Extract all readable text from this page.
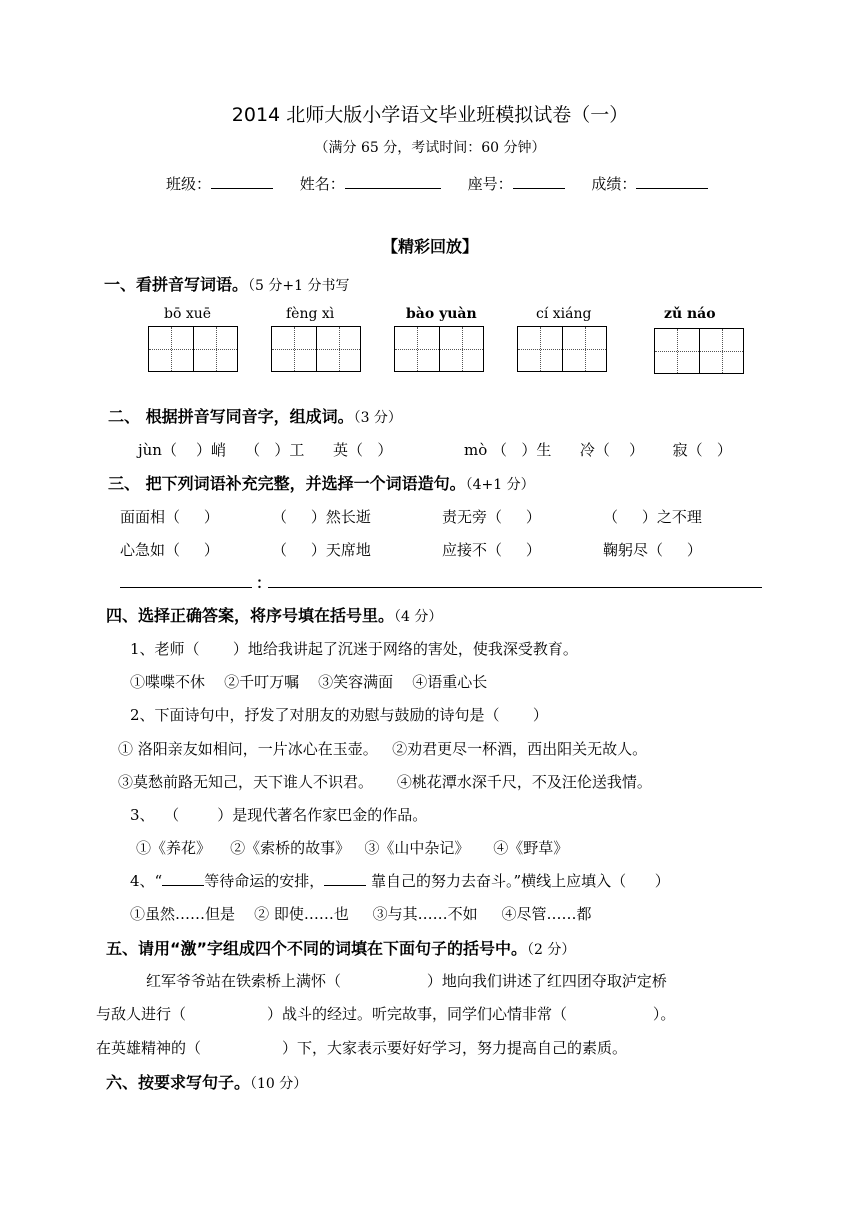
2014 北师大版小学语文毕业班模拟试卷（一）
（满分 65 分，考试时间：60 分钟）
班级：	姓名：	座号：	成绩：
【精彩回放】
一、看拼音写词语。（5 分+1 分书写
bō xuē	fèng xì	bào yuàn	cí xiáng	zǔ náo
二、 根据拼音写同音字，组成词。（3 分）
jùn（    ）峭    （   ）工      英（   ）	mò （   ）生      冷（    ）      寂（   ）
三、 把下列词语补充完整，并选择一个词语造句。（4+1 分）
面面相（     ）	（     ）然长逝	责无旁（     ）	（     ）之不理
心急如（     ）	（     ）天席地	应接不（     ）	鞠躬尽（     ）
：
四、选择正确答案，将序号填在括号里。（4 分）
1、老师（       ）地给我讲起了沉迷于网络的害处，使我深受教育。
①喋喋不休    ②千叮万嘱    ③笑容满面    ④语重心长
2、下面诗句中，抒发了对朋友的劝慰与鼓励的诗句是（       ）
① 洛阳亲友如相问，一片冰心在玉壶。   ②劝君更尽一杯酒，西出阳关无故人。
③莫愁前路无知己，天下谁人不识君。     ④桃花潭水深千尺，不及汪伦送我情。
3、  （        ）是现代著名作家巴金的作品。
①《养花》    ②《索桥的故事》   ③《山中杂记》     ④《野草》
4、“	等待命运的安排，	靠自己的努力去奋斗。”横线上应填入（      ）
①虽然……但是    ② 即使……也     ③与其……不如     ④尽管……都
五、请用“激”字组成四个不同的词填在下面句子的括号中。（2 分）
红军爷爷站在铁索桥上满怀（                  ）地向我们讲述了红四团夺取泸定桥
与敌人进行（                 ）战斗的经过。听完故事，同学们心情非常（                  ）。
在英雄精神的（                 ）下，大家表示要好好学习，努力提高自己的素质。
六、按要求写句子。（10 分）
